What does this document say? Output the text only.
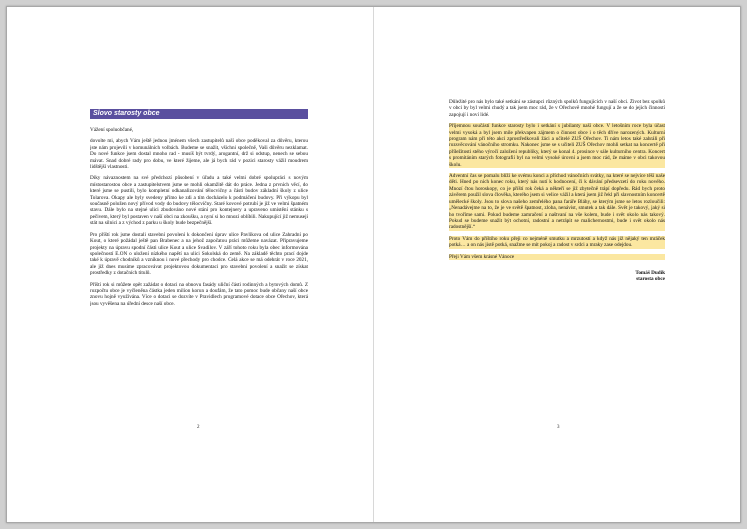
Slovo starosty obce

Vážení spoluobčané,

dovolte mi, abych Vám ještě jednou jménem všech zastupitelů naší obce poděkoval za důvěru, kterou jste nám projevili v komunálních volbách. Budeme se snažit, všichni společně, Vaši důvěru nezklamat. Do nové funkce jsem dostal mnoho rad - musíš být tvrdý, arogantní, drž si odstup, nenech se sebou mávat. Snad dobré rady pro dobu, ve které žijeme, ale já bych rád v pozici starosty vážil moudrem lidštější vlastnosti.

Díky návaznostem na své předchozí působení v úřadu a také velmi dobré spolupráci s novým místostarostou obce a zastupitelstvem jsme se mohli okamžitě dát do práce. Jedna z prvních věcí, do které jsme se pustili, bylo kompletní odkanalizování tělocvičny a části budov základní školy z ulice Tolarova. Okapy ale byly svedeny přímo ke zdi a tím docházelo k podmáčení budovy. Při výkopu byl současně položen nový přívod vody do budovy tělocvičny. Staré kovové potrubí je již ve velmi špatném stavu. Dále bylo na stejné ulici zbudováno nové stání pro kontejnery a upraveno umístění stánku s pečivem, který byl postaven v naší obci na zkoušku, a nyní si ho mnozí oblíbili. Nakupující již nemusejí stát na silnici a z východ z parku u školy bude bezpečnější.

Pro příští rok jsme dostali stavební povolení k dokončení úprav ulice Pavlíkova od ulice Zahradní po Kout, o které požádal ještě pan Brabenec a na jehož započatou práci můžeme navázat. Připravujeme projekty na úpravu spodní části ulice Kout a ulice Svadilov. V září tohoto roku byla obec informována společností E.ON o uložení nízkého napětí na ulici Sokolská do země. Na základě těchto prací dojde také k úpravě chodníků a vzniknou i nové přechody pro chodce. Celá akce se má odehrát v roce 2021, ale již dnes musíme zpracovávat projektovou dokumentaci pro stavební povolení a snažit se získat prostředky z dotačních titulů.

Příští rok si můžete opět zažádat o dotaci na obnovu fasády uliční části rodinných a bytových domů. Z rozpočtu obce je vyčleněna částka jeden milion korun a doufám, že tato pomoc bude občany naší obce znovu hojně využívána. Více o dotaci se dozvíte v Pravidlech programové dotace obce Ořechov, která jsou vyvěšena na úřední desce naší obce.

2

Důležité pro nás bylo také setkání se zástupci různých spolků fungujících v naší obci. Život bez spolků v obci by byl velmi chudý a tak jsem moc rád, že v Ořechově mnohé fungují a že se do jejich činností zapojují i noví lidé.

Příjemnou součástí funkce starosty bylo i setkání s jubilanty naší obce. V letošním roce byla účast velmi vysoká a byl jsem mile překvapen zájmem o činnost obce i o těch dříve narozených. Kulturní program nám při této akci zprostředkovali žáci a učitelé ZUŠ Ořechov. Ti nám letos také zahráli při rozsvěcování vánočního stromku. Nakonec jsme se s učiteli ZUŠ Ořechov mohli setkat na koncertě při příležitosti stého výročí založení republiky, který se konal 4. prosince v sále kulturního centra. Koncert s promítáním starých fotografií byl na velmi vysoké úrovni a jsem moc rád, že máme v obci takovou školu.

Adventní čas se pomalu blíží ke svému konci a příchod vánočních svátky, na které se nejvíce těší naše děti. Hned po nich konec roku, který nás nutí k hodnocení, či k dávání předsevzetí do roku nového. Mnozí čtou horoskopy, co je příští rok čeká a někteří se již zbytečně trápí dopředu. Rád bych proto závěrem použil slova člověka, kterého jsem si velice vážil a která jsem již řekl při slavnostním koncertě umělecké školy. Jsou to slova našeho zemřelého pana faráře Bláhy, se kterým jsme se letos rozloučili: „Nenadávejme na to, že je ve světě špatnost, zloba, nenávist, smutek a tak dále. Svět je takový, jaký si ho tvoříme sami. Pokud budeme zamračení a naštvaní na vše kolem, bude i svět okolo nás takový. Pokud se budeme snažit být ochotní, radostní a netrápit se malichernostmi, bude i svět okolo nás radostnější.“

Proto Vám do příštího roku přeji co nejméně smutku a mrzutostí a když nás již nějaký ten mráček potká… a on nás jistě potká, snažme se mít pokoj a radost v srdci a mraky zase odejdou.

Přeji Vám všem krásné Vánoce

Tomáš Dudík
starosta obce
3
